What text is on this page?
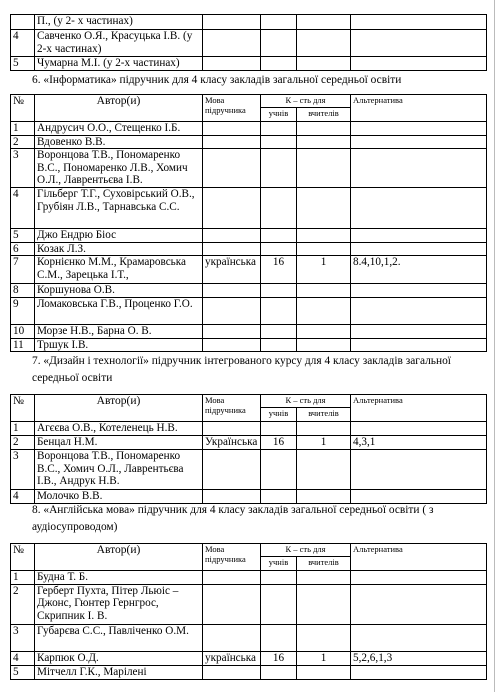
	П., (у 2- х частинах)				
4	Савченко О.Я., Красуцька І.В. (у 2-х частинах)				
5	Чумарна М.І. (у 2-х частинах)				
6. «Інформатика» підручник для 4 класу закладів загальної середньої освіти
№	Автор(и)	Мова підручника	К – сть для		Альтернатива
			учнів	вчителів	
1	Андрусич О.О., Стещенко І.Б.				
2	Вдовенко В.В.				
3	Воронцова Т.В., Пономаренко В.С., Пономаренко Л.В., Хомич О.Л., Лаврентьєва І.В.				
4	Гільберг Т.Г., Суховірський О.В., Грубіян Л.В., Тарнавська С.С.				
5	Джо Ендрю Біос				
6	Козак Л.З.				
7	Корнієнко М.М., Крамаровська С.М., Зарецька І.Т.,	українська	16	1	8.4,10,1,2.
8	Коршунова О.В.				
9	Ломаковська Г.В., Проценко Г.О.				
10	Морзе Н.В., Барна О. В.				
11	Тршук І.В.				
7. «Дизайн і технології» підручник інтегрованого курсу для 4 класу закладів загальної середньої освіти
№	Автор(и)	Мова підручника	К – сть для		Альтернатива
			учнів	вчителів	
1	Агєєва О.В., Котеленець Н.В.				
2	Бенцал Н.М.	Українська	16	1	4,3,1
3	Воронцова Т.В., Пономаренко В.С., Хомич О.Л., Лаврентьєва І.В., Андрук Н.В.				
4	Молочко В.В.				
8. «Англійська мова» підручник для 4 класу закладів загальної середньої освіти ( з аудіосупроводом)
№	Автор(и)	Мова підручника	К – сть для		Альтернатива
			учнів	вчителів	
1	Будна Т. Б.				
2	Герберт Пухта, Пітер Льюіс – Джонс, Гюнтер Гернгрос, Скрипник І. В.				
3	Губарєва С.С., Павліченко О.М.				
4	Карпюк О.Д.	українська	16	1	5,2,6,1,3
5	Мітчелл Г.К., Марілені				
